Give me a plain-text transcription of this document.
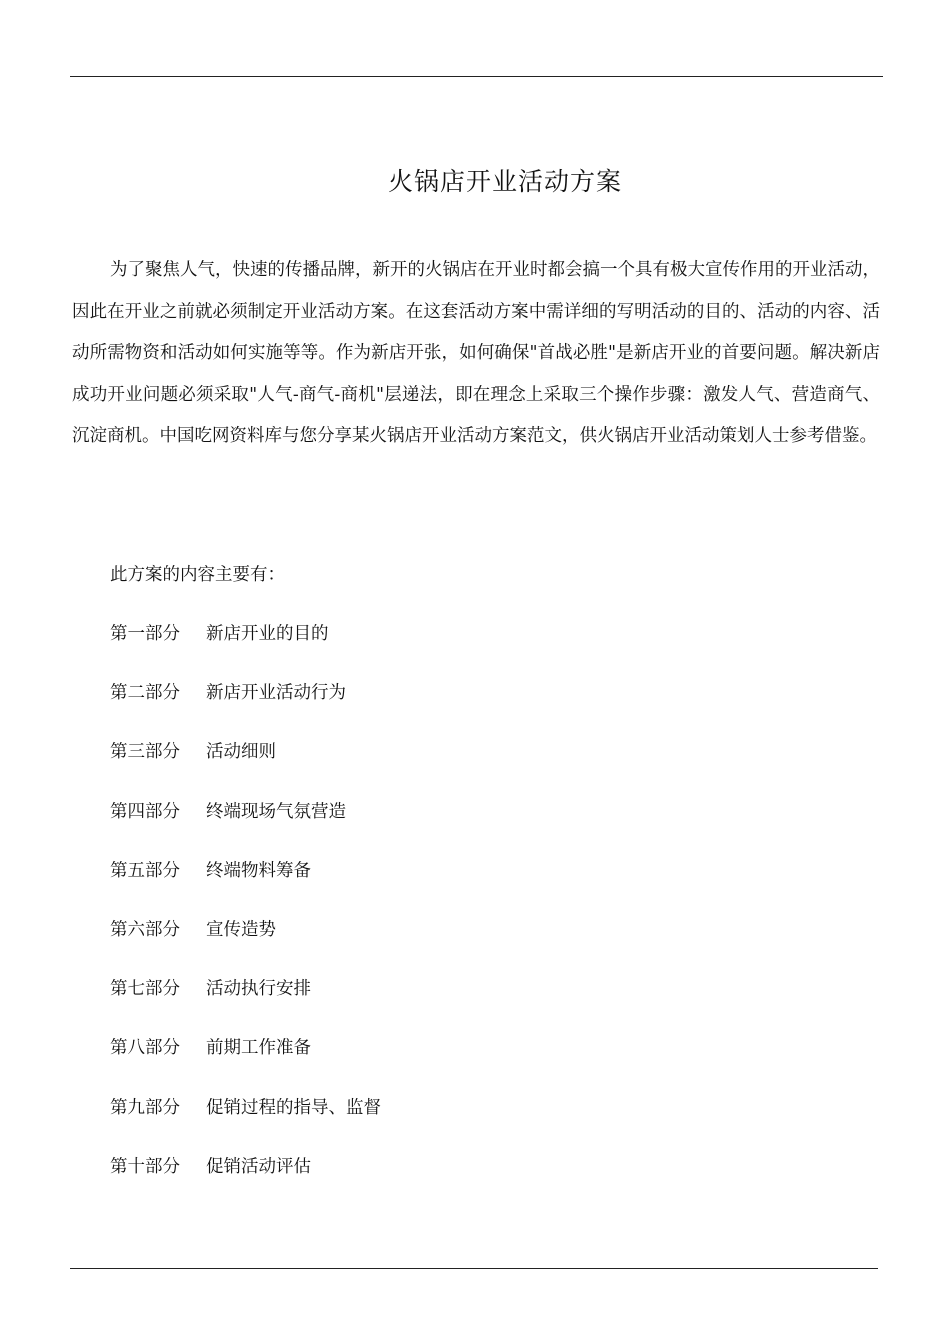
火锅店开业活动方案

为了聚焦人气，快速的传播品牌，新开的火锅店在开业时都会搞一个具有极大宣传作用的开业活动，因此在开业之前就必须制定开业活动方案。在这套活动方案中需详细的写明活动的目的、活动的内容、活动所需物资和活动如何实施等等。作为新店开张，如何确保"首战必胜"是新店开业的首要问题。解决新店成功开业问题必须采取"人气-商气-商机"层递法，即在理念上采取三个操作步骤：激发人气、营造商气、沉淀商机。中国吃网资料库与您分享某火锅店开业活动方案范文，供火锅店开业活动策划人士参考借鉴。

此方案的内容主要有：

第一部分 新店开业的目的
第二部分 新店开业活动行为
第三部分 活动细则
第四部分 终端现场气氛营造
第五部分 终端物料筹备
第六部分 宣传造势
第七部分 活动执行安排
第八部分 前期工作准备
第九部分 促销过程的指导、监督
第十部分 促销活动评估
